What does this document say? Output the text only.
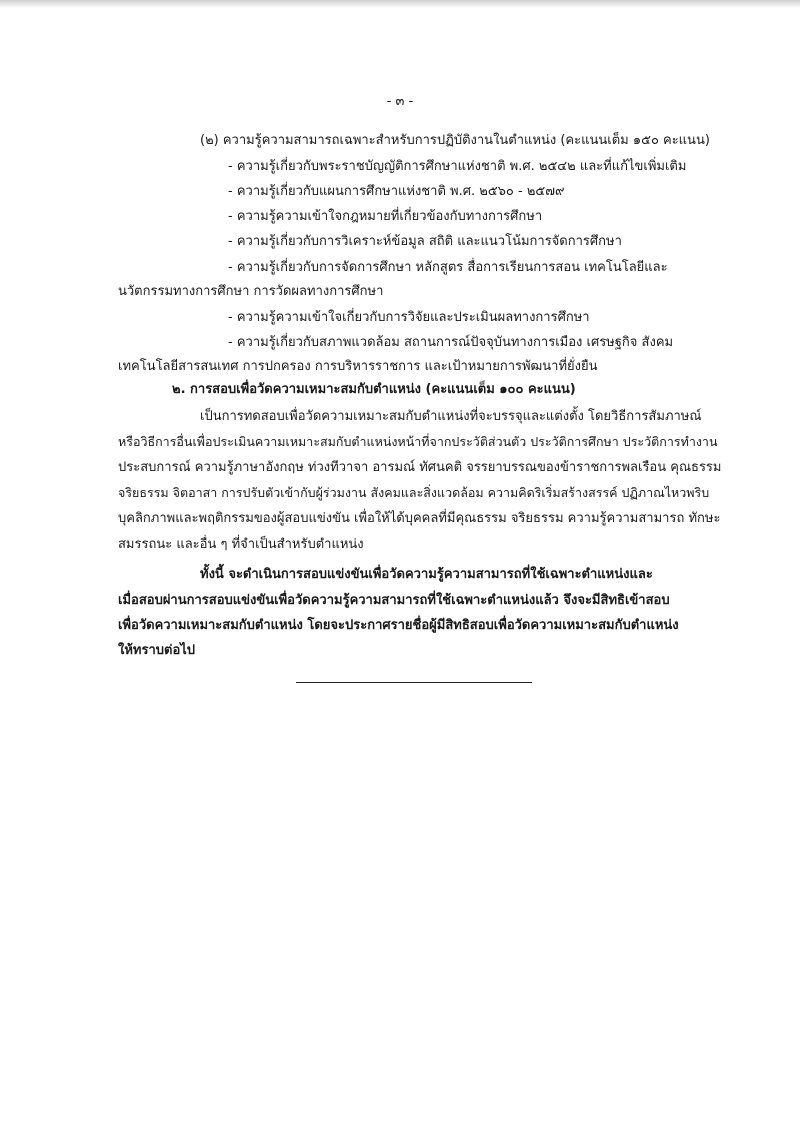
- ๓ -
(๒) ความรู้ความสามารถเฉพาะสำหรับการปฏิบัติงานในตำแหน่ง (คะแนนเต็ม ๑๕๐ คะแนน)
- ความรู้เกี่ยวกับพระราชบัญญัติการศึกษาแห่งชาติ พ.ศ. ๒๕๔๒ และที่แก้ไขเพิ่มเติม
- ความรู้เกี่ยวกับแผนการศึกษาแห่งชาติ พ.ศ. ๒๕๖๐ - ๒๕๗๙
- ความรู้ความเข้าใจกฎหมายที่เกี่ยวข้องกับทางการศึกษา
- ความรู้เกี่ยวกับการวิเคราะห์ข้อมูล สถิติ และแนวโน้มการจัดการศึกษา
- ความรู้เกี่ยวกับการจัดการศึกษา หลักสูตร สื่อการเรียนการสอน เทคโนโลยีและ
นวัตกรรมทางการศึกษา การวัดผลทางการศึกษา
- ความรู้ความเข้าใจเกี่ยวกับการวิจัยและประเมินผลทางการศึกษา
- ความรู้เกี่ยวกับสภาพแวดล้อม สถานการณ์ปัจจุบันทางการเมือง เศรษฐกิจ สังคม
เทคโนโลยีสารสนเทศ การปกครอง การบริหารราชการ และเป้าหมายการพัฒนาที่ยั่งยืน
๒. การสอบเพื่อวัดความเหมาะสมกับตำแหน่ง (คะแนนเต็ม ๑๐๐ คะแนน)
เป็นการทดสอบเพื่อวัดความเหมาะสมกับตำแหน่งที่จะบรรจุและแต่งตั้ง โดยวิธีการสัมภาษณ์
หรือวิธีการอื่นเพื่อประเมินความเหมาะสมกับตำแหน่งหน้าที่จากประวัติส่วนตัว ประวัติการศึกษา ประวัติการทำงาน
ประสบการณ์ ความรู้ภาษาอังกฤษ ท่วงทีวาจา อารมณ์ ทัศนคติ จรรยาบรรณของข้าราชการพลเรือน คุณธรรม
จริยธรรม จิตอาสา การปรับตัวเข้ากับผู้ร่วมงาน สังคมและสิ่งแวดล้อม ความคิดริเริ่มสร้างสรรค์ ปฏิภาณไหวพริบ
บุคลิกภาพและพฤติกรรมของผู้สอบแข่งขัน เพื่อให้ได้บุคคลที่มีคุณธรรม จริยธรรม ความรู้ความสามารถ ทักษะ
สมรรถนะ และอื่น ๆ ที่จำเป็นสำหรับตำแหน่ง
ทั้งนี้ จะดำเนินการสอบแข่งขันเพื่อวัดความรู้ความสามารถที่ใช้เฉพาะตำแหน่งและ
เมื่อสอบผ่านการสอบแข่งขันเพื่อวัดความรู้ความสามารถที่ใช้เฉพาะตำแหน่งแล้ว จึงจะมีสิทธิเข้าสอบ
เพื่อวัดความเหมาะสมกับตำแหน่ง โดยจะประกาศรายชื่อผู้มีสิทธิสอบเพื่อวัดความเหมาะสมกับตำแหน่ง
ให้ทราบต่อไป
